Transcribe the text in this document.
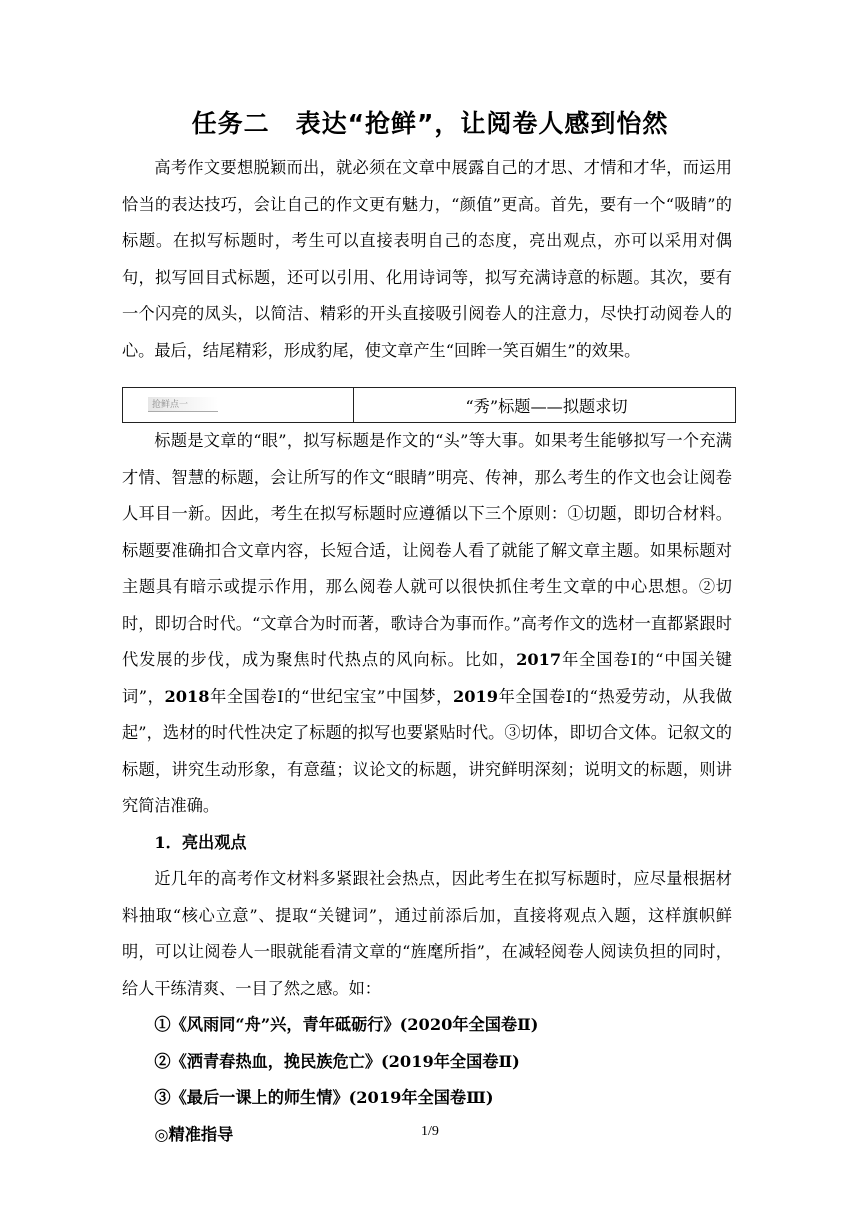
任务二　表达“抢鲜”，让阅卷人感到怡然

高考作文要想脱颖而出，就必须在文章中展露自己的才思、才情和才华，而运用恰当的表达技巧，会让自己的作文更有魅力，“颜值”更高。首先，要有一个“吸睛”的标题。在拟写标题时，考生可以直接表明自己的态度，亮出观点，亦可以采用对偶句，拟写回目式标题，还可以引用、化用诗词等，拟写充满诗意的标题。其次，要有一个闪亮的凤头，以简洁、精彩的开头直接吸引阅卷人的注意力，尽快打动阅卷人的心。最后，结尾精彩，形成豹尾，使文章产生“回眸一笑百媚生”的效果。

抢鲜点一	“秀”标题——拟题求切

标题是文章的“眼”，拟写标题是作文的“头”等大事。如果考生能够拟写一个充满才情、智慧的标题，会让所写的作文“眼睛”明亮、传神，那么考生的作文也会让阅卷人耳目一新。因此，考生在拟写标题时应遵循以下三个原则：①切题，即切合材料。标题要准确扣合文章内容，长短合适，让阅卷人看了就能了解文章主题。如果标题对主题具有暗示或提示作用，那么阅卷人就可以很快抓住考生文章的中心思想。②切时，即切合时代。“文章合为时而著，歌诗合为事而作。”高考作文的选材一直都紧跟时代发展的步伐，成为聚焦时代热点的风向标。比如，2017年全国卷Ⅰ的“中国关键词”，2018年全国卷Ⅰ的“世纪宝宝”中国梦，2019年全国卷Ⅰ的“热爱劳动，从我做起”，选材的时代性决定了标题的拟写也要紧贴时代。③切体，即切合文体。记叙文的标题，讲究生动形象，有意蕴；议论文的标题，讲究鲜明深刻；说明文的标题，则讲究简洁准确。

1．亮出观点

近几年的高考作文材料多紧跟社会热点，因此考生在拟写标题时，应尽量根据材料抽取“核心立意”、提取“关键词”，通过前添后加，直接将观点入题，这样旗帜鲜明，可以让阅卷人一眼就能看清文章的“旌麾所指”，在减轻阅卷人阅读负担的同时，给人干练清爽、一目了然之感。如：

①《风雨同“舟”兴，青年砥砺行》(2020年全国卷Ⅱ)

②《洒青春热血，挽民族危亡》(2019年全国卷Ⅱ)

③《最后一课上的师生情》(2019年全国卷Ⅲ)

◎精准指导	1/9
